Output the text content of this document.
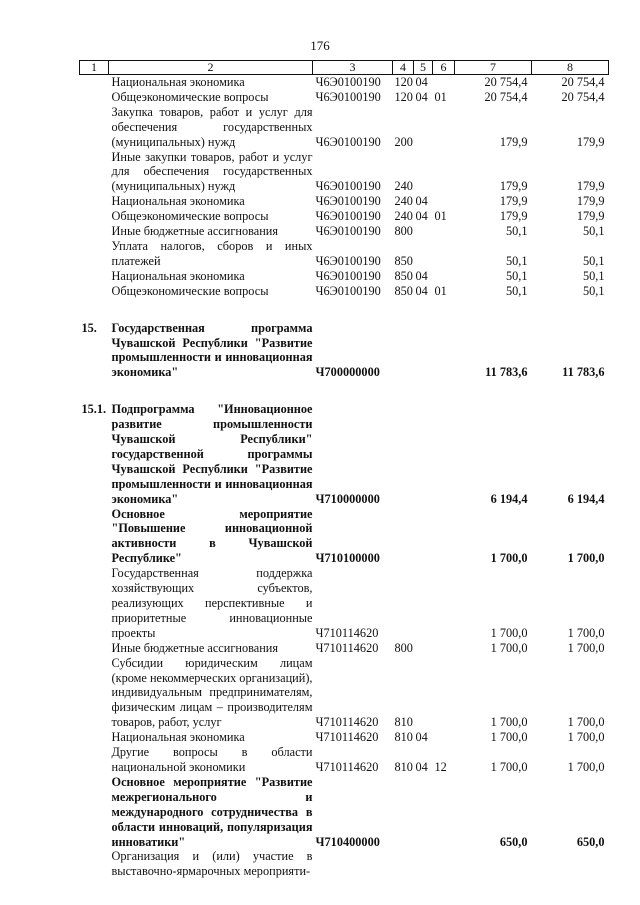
176
1	2	3	4	5	6	7	8
	Национальная экономика	Ч6Э0100190	120	04		20 754,4	20 754,4
	Общеэкономические вопросы	Ч6Э0100190	120	04	01	20 754,4	20 754,4
	Закупка товаров, работ и услуг для обеспечения государственных (муниципальных) нужд	Ч6Э0100190	200			179,9	179,9
	Иные закупки товаров, работ и услуг для обеспечения государственных (муниципальных) нужд	Ч6Э0100190	240			179,9	179,9
	Национальная экономика	Ч6Э0100190	240	04		179,9	179,9
	Общеэкономические вопросы	Ч6Э0100190	240	04	01	179,9	179,9
	Иные бюджетные ассигнования	Ч6Э0100190	800			50,1	50,1
	Уплата налогов, сборов и иных платежей	Ч6Э0100190	850			50,1	50,1
	Национальная экономика	Ч6Э0100190	850	04		50,1	50,1
	Общеэкономические вопросы	Ч6Э0100190	850	04	01	50,1	50,1

15.	Государственная программа Чувашской Республики "Развитие промышленности и инновационная экономика"	Ч700000000				11 783,6	11 783,6

15.1.	Подпрограмма "Инновационное развитие промышленности Чувашской Республики" государственной программы Чувашской Республики "Развитие промышленности и инновационная экономика"	Ч710000000				6 194,4	6 194,4
	Основное мероприятие "Повышение инновационной активности в Чувашской Республике"	Ч710100000				1 700,0	1 700,0
	Государственная поддержка хозяйствующих субъектов, реализующих перспективные и приоритетные инновационные проекты	Ч710114620				1 700,0	1 700,0
	Иные бюджетные ассигнования	Ч710114620	800			1 700,0	1 700,0
	Субсидии юридическим лицам (кроме некоммерческих организаций), индивидуальным предпринимателям, физическим лицам – производителям товаров, работ, услуг	Ч710114620	810			1 700,0	1 700,0
	Национальная экономика	Ч710114620	810	04		1 700,0	1 700,0
	Другие вопросы в области национальной экономики	Ч710114620	810	04	12	1 700,0	1 700,0
	Основное мероприятие "Развитие межрегионального и международного сотрудничества в области инноваций, популяризация инноватики"	Ч710400000				650,0	650,0
	Организация и (или) участие в выставочно-ярмарочных мероприяти-						
